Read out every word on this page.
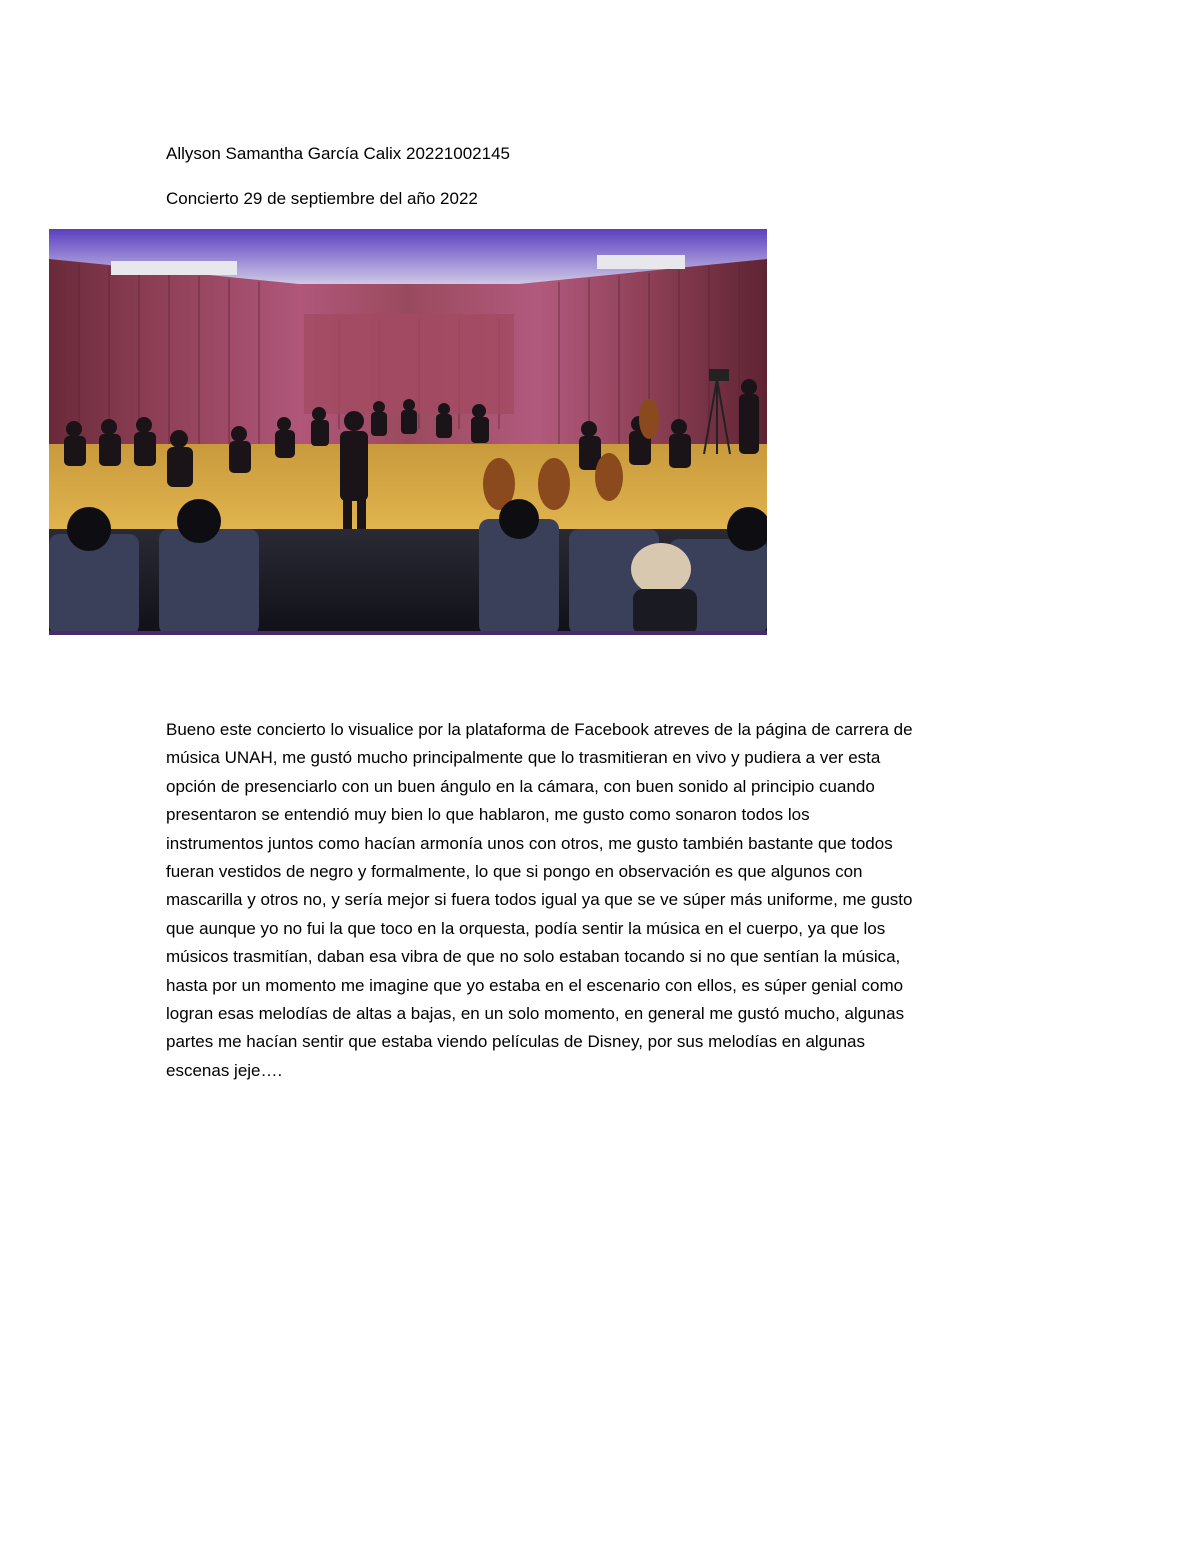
Allyson Samantha García Calix 20221002145
Concierto 29 de septiembre del año 2022
Bueno este concierto lo visualice por la plataforma de Facebook atreves de la página de carrera de
música UNAH, me gustó mucho principalmente que lo trasmitieran en vivo y pudiera a ver esta
opción de presenciarlo con un buen ángulo en la cámara, con buen sonido al principio cuando
presentaron se entendió muy bien lo que hablaron, me gusto como sonaron todos los
instrumentos juntos como hacían armonía unos con otros, me gusto también bastante que todos
fueran vestidos de negro y formalmente, lo que si pongo en observación es que algunos con
mascarilla y otros no, y sería mejor si fuera todos igual ya que se ve súper más uniforme, me gusto
que aunque yo no fui la que toco en la orquesta, podía sentir la música en el cuerpo, ya que los
músicos trasmitían, daban esa vibra de que no solo estaban tocando si no que sentían la música,
hasta por un momento me imagine que yo estaba en el escenario con ellos, es súper genial como
logran esas melodías de altas a bajas, en un solo momento, en general me gustó mucho, algunas
partes me hacían sentir que estaba viendo películas de Disney, por sus melodías en algunas
escenas jeje….
